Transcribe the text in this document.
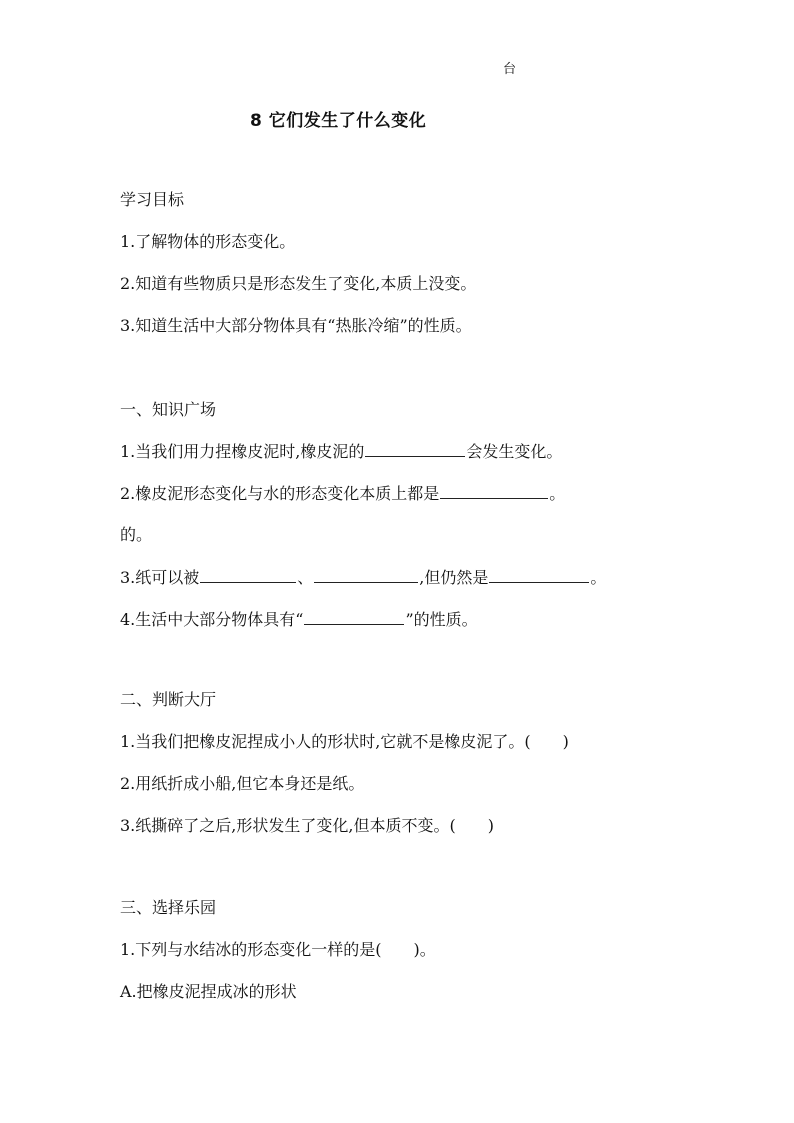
台
8 它们发生了什么变化
学习目标
1.了解物体的形态变化。
2.知道有些物质只是形态发生了变化,本质上没变。
3.知道生活中大部分物体具有“热胀冷缩”的性质。
一、知识广场
1.当我们用力捏橡皮泥时,橡皮泥的	会发生变化。
2.橡皮泥形态变化与水的形态变化本质上都是	。
的。
3.纸可以被	、	,但仍然是	。
4.生活中大部分物体具有“	”的性质。
二、判断大厅
1.当我们把橡皮泥捏成小人的形状时,它就不是橡皮泥了。(　　)
2.用纸折成小船,但它本身还是纸。
3.纸撕碎了之后,形状发生了变化,但本质不变。(　　)
三、选择乐园
1.下列与水结冰的形态变化一样的是(　　)。
A.把橡皮泥捏成冰的形状
